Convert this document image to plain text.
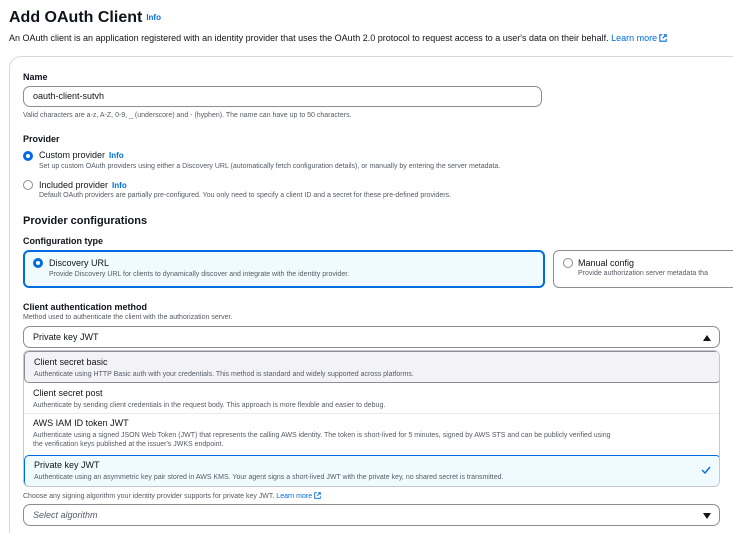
Add OAuth Client Info
An OAuth client is an application registered with an identity provider that uses the OAuth 2.0 protocol to request access to a user's data on their behalf. Learn more
Name
oauth-client-sutvh
Valid characters are a-z, A-Z, 0-9, _ (underscore) and - (hyphen). The name can have up to 50 characters.
Provider
Custom provider Info
Set up custom OAuth providers using either a Discovery URL (automatically fetch configuration details), or manually by entering the server metadata.
Included provider Info
Default OAuth providers are partially pre-configured. You only need to specify a client ID and a secret for these pre-defined providers.
Provider configurations
Configuration type
Discovery URL
Provide Discovery URL for clients to dynamically discover and integrate with the identity provider.
Manual config
Provide authorization server metadata tha
Client authentication method
Method used to authenticate the client with the authorization server.
Private key JWT
Client secret basic
Authenticate using HTTP Basic auth with your credentials. This method is standard and widely supported across platforms.
Client secret post
Authenticate by sending client credentials in the request body. This approach is more flexible and easier to debug.
AWS IAM ID token JWT
Authenticate using a signed JSON Web Token (JWT) that represents the calling AWS identity. The token is short-lived for 5 minutes, signed by AWS STS and can be publicly verified using
the verification keys published at the issuer's JWKS endpoint.
Private key JWT
Authenticate using an asymmetric key pair stored in AWS KMS. Your agent signs a short-lived JWT with the private key, no shared secret is transmitted.
Choose any signing algorithm your identity provider supports for private key JWT. Learn more
Select algorithm
